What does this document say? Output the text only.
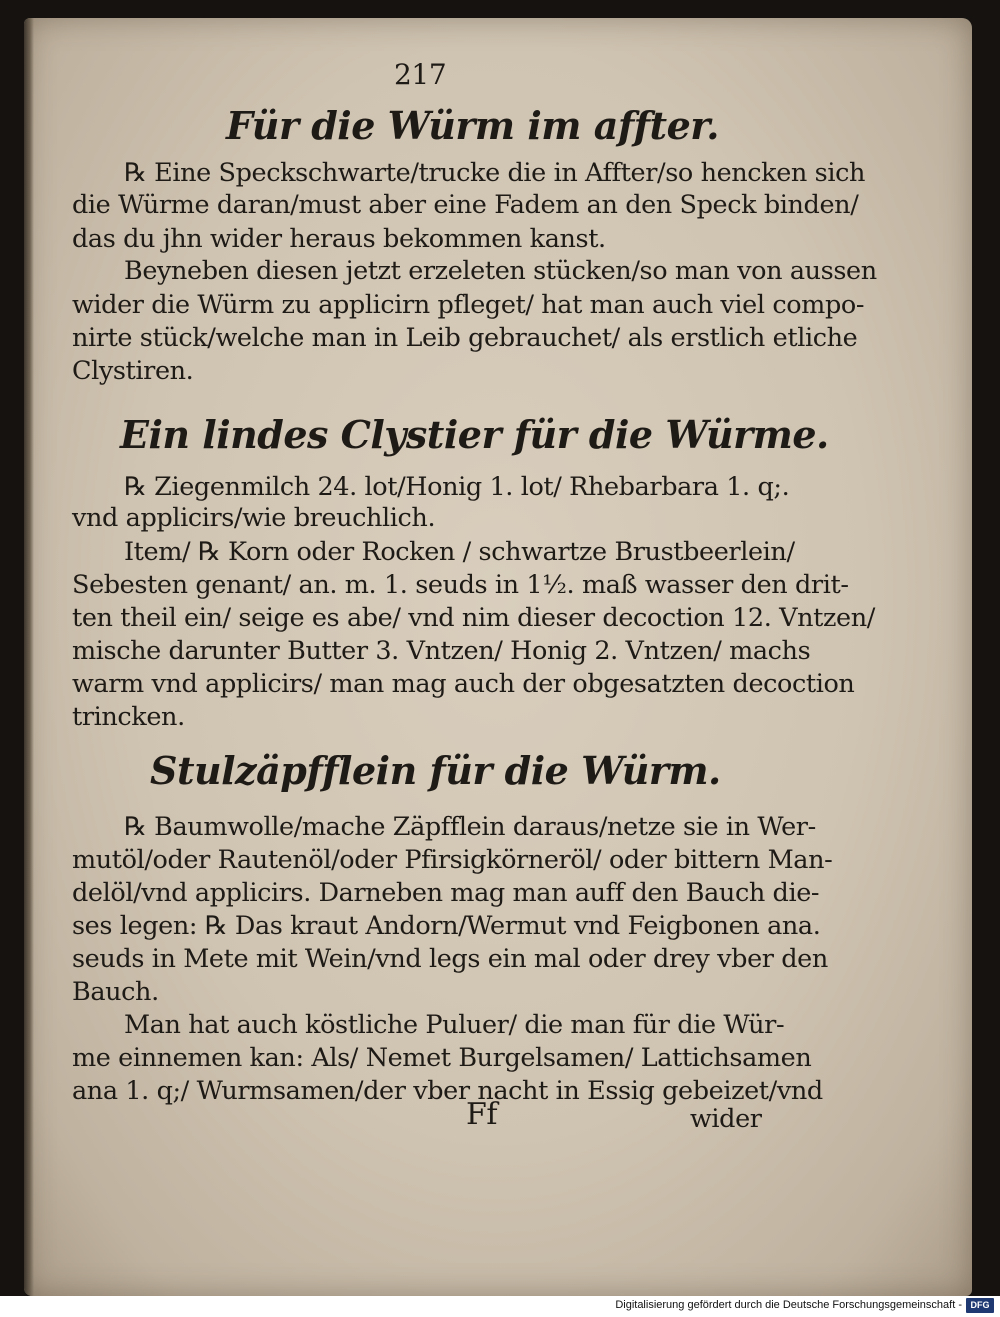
217

Für die Würm im affter.

℞ Eine Speckschwarte/trucke die in Affter/so hencken sich

die Würme daran/must aber eine Fadem an den Speck binden/

das du jhn wider heraus bekommen kanst.

Beyneben diesen jetzt erzeleten stücken/so man von aussen

wider die Würm zu applicirn pfleget/ hat man auch viel compo-

nirte stück/welche man in Leib gebrauchet/ als erstlich etliche

Clystiren.

Ein lindes Clystier für die Würme.

℞ Ziegenmilch 24. lot/Honig 1. lot/ Rhebarbara 1. q;.

vnd applicirs/wie breuchlich.

Item/ ℞ Korn oder Rocken / schwartze Brustbeerlein/

Sebesten genant/ an. m. 1. seuds in 1½. maß wasser den drit-

ten theil ein/ seige es abe/ vnd nim dieser decoction 12. Vntzen/

mische darunter Butter 3. Vntzen/ Honig 2. Vntzen/ machs

warm vnd applicirs/ man mag auch der obgesatzten decoction

trincken.

Stulzäpfflein für die Würm.

℞ Baumwolle/mache Zäpfflein daraus/netze sie in Wer-

mutöl/oder Rautenöl/oder Pfirsigkörneröl/ oder bittern Man-

delöl/vnd applicirs. Darneben mag man auff den Bauch die-

ses legen: ℞ Das kraut Andorn/Wermut vnd Feigbonen ana.

seuds in Mete mit Wein/vnd legs ein mal oder drey vber den

Bauch.

Man hat auch köstliche Puluer/ die man für die Wür-

me einnemen kan: Als/ Nemet Burgelsamen/ Lattichsamen

ana 1. q;/ Wurmsamen/der vber nacht in Essig gebeizet/vnd

Ff	wider

Digitalisierung gefördert durch die Deutsche Forschungsgemeinschaft - DFG
